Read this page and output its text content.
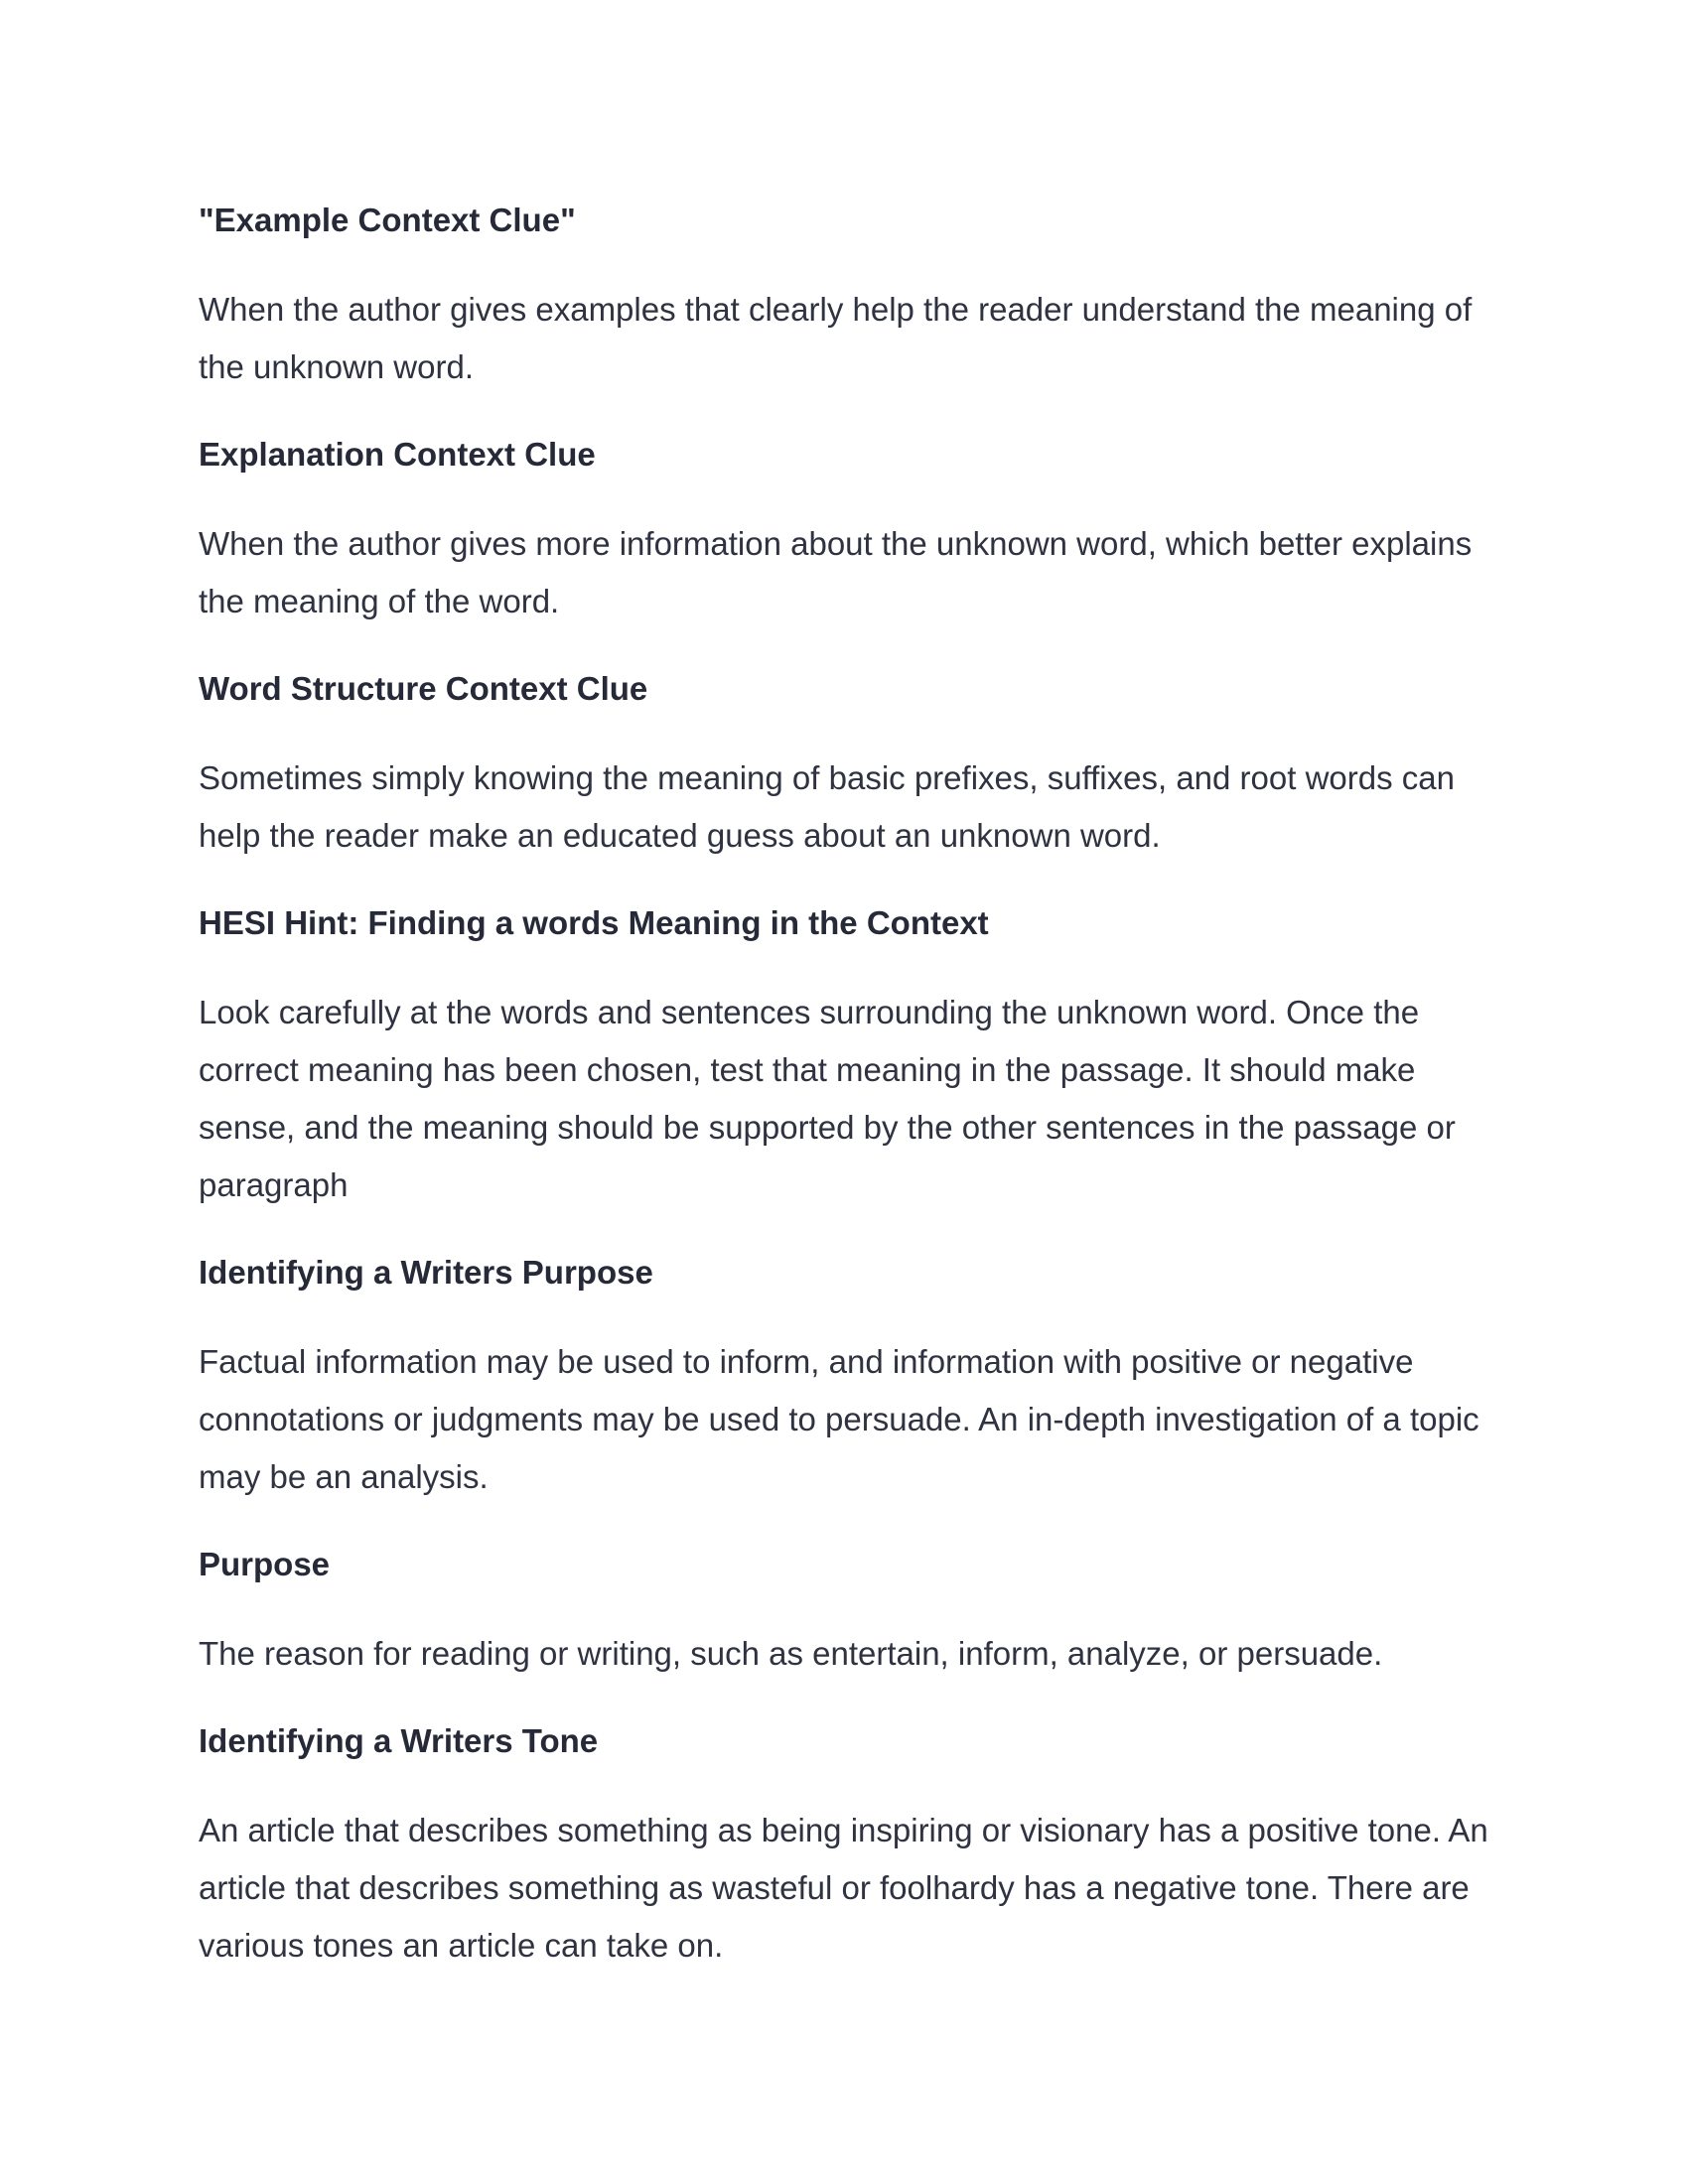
"Example Context Clue"

When the author gives examples that clearly help the reader understand the meaning of the unknown word.

Explanation Context Clue

When the author gives more information about the unknown word, which better explains the meaning of the word.

Word Structure Context Clue

Sometimes simply knowing the meaning of basic prefixes, suffixes, and root words can help the reader make an educated guess about an unknown word.

HESI Hint: Finding a words Meaning in the Context

Look carefully at the words and sentences surrounding the unknown word. Once the correct meaning has been chosen, test that meaning in the passage. It should make sense, and the meaning should be supported by the other sentences in the passage or paragraph

Identifying a Writers Purpose

Factual information may be used to inform, and information with positive or negative connotations or judgments may be used to persuade. An in-depth investigation of a topic may be an analysis.

Purpose

The reason for reading or writing, such as entertain, inform, analyze, or persuade.

Identifying a Writers Tone

An article that describes something as being inspiring or visionary has a positive tone. An article that describes something as wasteful or foolhardy has a negative tone. There are various tones an article can take on.
